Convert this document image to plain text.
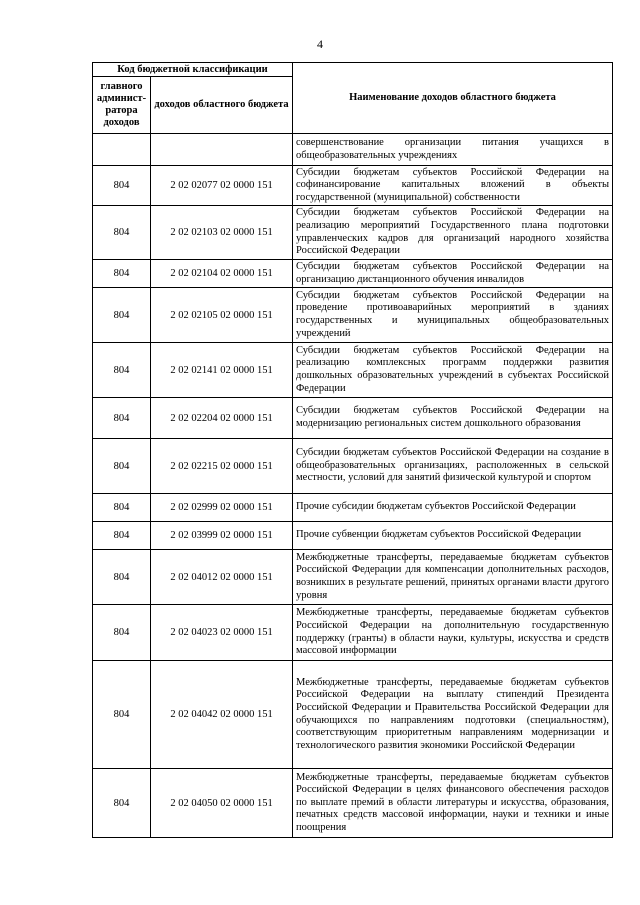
4
Код бюджетной классификации		Наименование доходов областного бюджета
главного админист-ратора доходов	доходов областного бюджета	
		совершенствование организации питания учащихся в общеобразовательных учреждениях
804	2 02 02077 02 0000 151	Субсидии бюджетам субъектов Российской Федерации на софинансирование капитальных вложений в объекты государственной (муниципальной) собственности
804	2 02 02103 02 0000 151	Субсидии бюджетам субъектов Российской Федерации на реализацию мероприятий Государственного плана подготовки управленческих кадров для организаций народного хозяйства Российской Федерации
804	2 02 02104 02 0000 151	Субсидии бюджетам субъектов Российской Федерации на организацию дистанционного обучения инвалидов
804	2 02 02105 02 0000 151	Субсидии бюджетам субъектов Российской Федерации на проведение противоаварийных мероприятий в зданиях государственных и муниципальных общеобразовательных учреждений
804	2 02 02141 02 0000 151	Субсидии бюджетам субъектов Российской Федерации на реализацию комплексных программ поддержки развития дошкольных образовательных учреждений в субъектах Российской Федерации
804	2 02 02204 02 0000 151	Субсидии бюджетам субъектов Российской Федерации на модернизацию региональных систем дошкольного образования
804	2 02 02215 02 0000 151	Субсидии бюджетам субъектов Российской Федерации на создание в общеобразовательных организациях, расположенных в сельской местности, условий для занятий физической культурой и спортом
804	2 02 02999 02 0000 151	Прочие субсидии бюджетам субъектов Российской Федерации
804	2 02 03999 02 0000 151	Прочие субвенции бюджетам субъектов Российской Федерации
804	2 02 04012 02 0000 151	Межбюджетные трансферты, передаваемые бюджетам субъектов Российской Федерации для компенсации дополнительных расходов, возникших в результате решений, принятых органами власти другого уровня
804	2 02 04023 02 0000 151	Межбюджетные трансферты, передаваемые бюджетам субъектов Российской Федерации на дополнительную государственную поддержку (гранты) в области науки, культуры, искусства и средств массовой информации
804	2 02 04042 02 0000 151	Межбюджетные трансферты, передаваемые бюджетам субъектов Российской Федерации на выплату стипендий Президента Российской Федерации и Правительства Российской Федерации для обучающихся по направлениям подготовки (специальностям), соответствующим приоритетным направлениям модернизации и технологического развития экономики Российской Федерации
804	2 02 04050 02 0000 151	Межбюджетные трансферты, передаваемые бюджетам субъектов Российской Федерации в целях финансового обеспечения расходов по выплате премий в области литературы и искусства, образования, печатных средств массовой информации, науки и техники и иные поощрения
